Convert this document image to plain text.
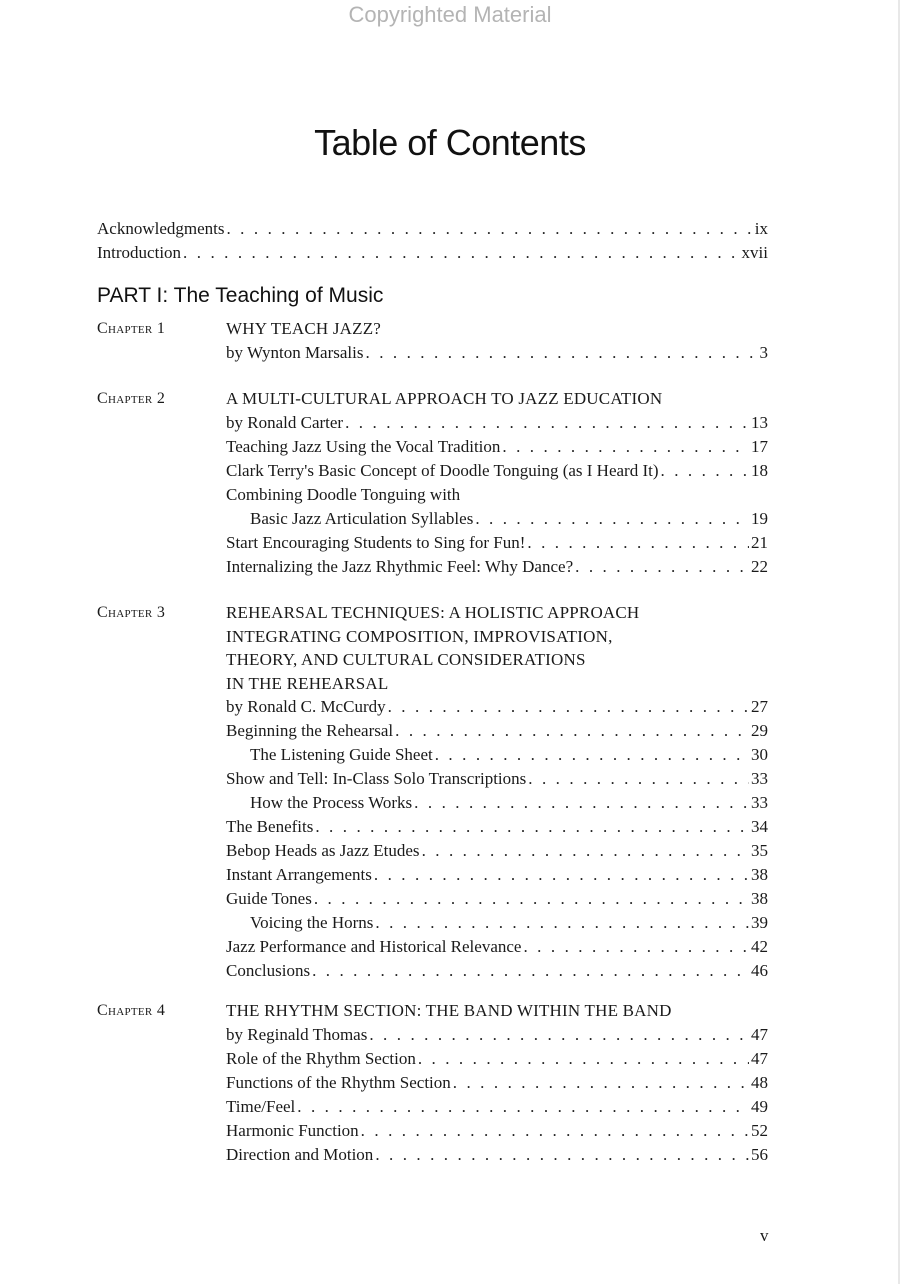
Copyrighted Material
Table of Contents
Acknowledgments . . .	ix
Introduction . . .	xvii
PART I: The Teaching of Music
Chapter 1	WHY TEACH JAZZ?
by Wynton Marsalis . . .	3
Chapter 2	A MULTI-CULTURAL APPROACH TO JAZZ EDUCATION
by Ronald Carter . . .	13
Teaching Jazz Using the Vocal Tradition . . .	17
Clark Terry's Basic Concept of Doodle Tonguing (as I Heard It) . . .	18
Combining Doodle Tonguing with
Basic Jazz Articulation Syllables . . .	19
Start Encouraging Students to Sing for Fun! . . .	21
Internalizing the Jazz Rhythmic Feel: Why Dance? . . .	22
Chapter 3	REHEARSAL TECHNIQUES: A HOLISTIC APPROACH
INTEGRATING COMPOSITION, IMPROVISATION,
THEORY, AND CULTURAL CONSIDERATIONS
IN THE REHEARSAL
by Ronald C. McCurdy . . .	27
Beginning the Rehearsal . . .	29
The Listening Guide Sheet . . .	30
Show and Tell: In-Class Solo Transcriptions . . .	33
How the Process Works . . .	33
The Benefits . . .	34
Bebop Heads as Jazz Etudes . . .	35
Instant Arrangements . . .	38
Guide Tones . . .	38
Voicing the Horns . . .	39
Jazz Performance and Historical Relevance . . .	42
Conclusions . . .	46
Chapter 4	THE RHYTHM SECTION: THE BAND WITHIN THE BAND
by Reginald Thomas . . .	47
Role of the Rhythm Section . . .	47
Functions of the Rhythm Section . . .	48
Time/Feel . . .	49
Harmonic Function . . .	52
Direction and Motion . . .	56
v
